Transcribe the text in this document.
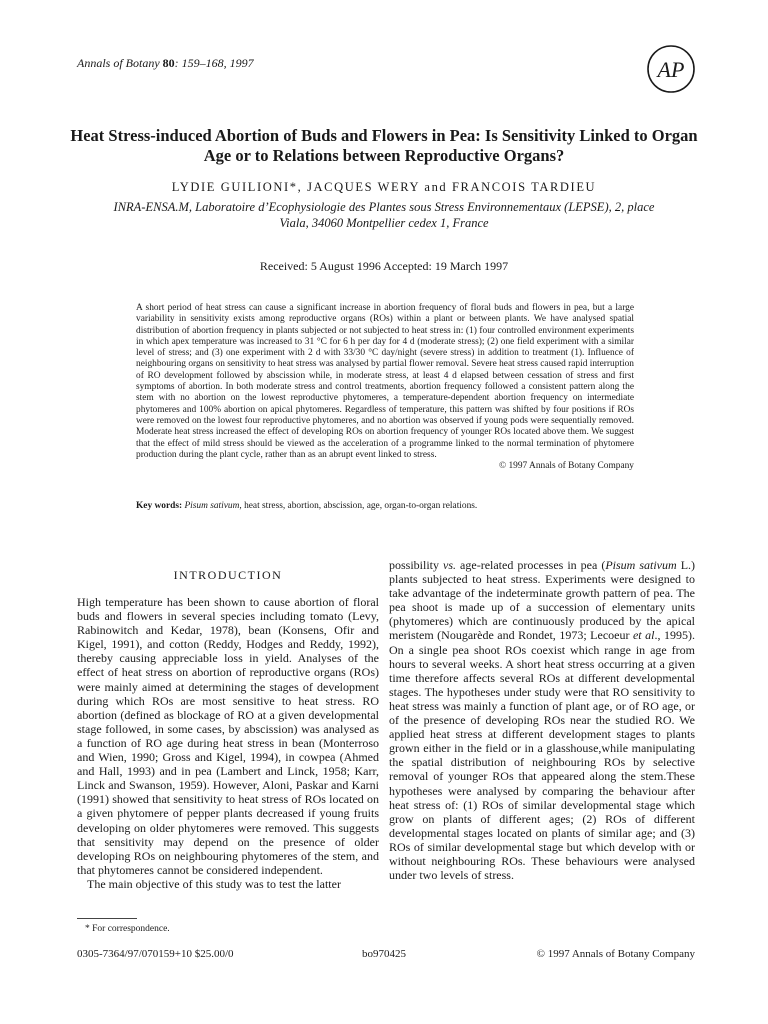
Annals of Botany 80: 159–168, 1997	AP
Heat Stress-induced Abortion of Buds and Flowers in Pea: Is Sensitivity Linked to Organ Age or to Relations between Reproductive Organs?
LYDIE GUILIONI*, JACQUES WERY and FRANCOIS TARDIEU
INRA-ENSA.M, Laboratoire d’Ecophysiologie des Plantes sous Stress Environnementaux (LEPSE), 2, place Viala, 34060 Montpellier cedex 1, France
Received: 5 August 1996 Accepted: 19 March 1997
A short period of heat stress can cause a significant increase in abortion frequency of floral buds and flowers in pea, but a large variability in sensitivity exists among reproductive organs (ROs) within a plant or between plants. We have analysed spatial distribution of abortion frequency in plants subjected or not subjected to heat stress in: (1) four controlled environment experiments in which apex temperature was increased to 31 °C for 6 h per day for 4 d (moderate stress); (2) one field experiment with a similar level of stress; and (3) one experiment with 2 d with 33/30 °C day/night (severe stress) in addition to treatment (1). Influence of neighbouring organs on sensitivity to heat stress was analysed by partial flower removal. Severe heat stress caused rapid interruption of RO development followed by abscission while, in moderate stress, at least 4 d elapsed between cessation of stress and first symptoms of abortion. In both moderate stress and control treatments, abortion frequency followed a consistent pattern along the stem with no abortion on the lowest reproductive phytomeres, a temperature-dependent abortion frequency on intermediate phytomeres and 100% abortion on apical phytomeres. Regardless of temperature, this pattern was shifted by four positions if ROs were removed on the lowest four reproductive phytomeres, and no abortion was observed if young pods were sequentially removed. Moderate heat stress increased the effect of developing ROs on abortion frequency of younger ROs located above them. We suggest that the effect of mild stress should be viewed as the acceleration of a programme linked to the normal termination of phytomere production during the plant cycle, rather than as an abrupt event linked to stress.
© 1997 Annals of Botany Company
Key words: Pisum sativum, heat stress, abortion, abscission, age, organ-to-organ relations.
INTRODUCTION

High temperature has been shown to cause abortion of floral buds and flowers in several species including tomato (Levy, Rabinowitch and Kedar, 1978), bean (Konsens, Ofir and Kigel, 1991), and cotton (Reddy, Hodges and Reddy, 1992), thereby causing appreciable loss in yield. Analyses of the effect of heat stress on abortion of reproductive organs (ROs) were mainly aimed at determining the stages of development during which ROs are most sensitive to heat stress. RO abortion (defined as blockage of RO at a given developmental stage followed, in some cases, by abscission) was analysed as a function of RO age during heat stress in bean (Monterroso and Wien, 1990; Gross and Kigel, 1994), in cowpea (Ahmed and Hall, 1993) and in pea (Lambert and Linck, 1958; Karr, Linck and Swanson, 1959). However, Aloni, Paskar and Karni (1991) showed that sensitivity to heat stress of ROs located on a given phytomere of pepper plants decreased if young fruits developing on older phytomeres were removed. This suggests that sensitivity may depend on the presence of older developing ROs on neighbouring phytomeres of the stem, and that phytomeres cannot be considered independent.

The main objective of this study was to test the latter

possibility vs. age-related processes in pea (Pisum sativum L.) plants subjected to heat stress. Experiments were designed to take advantage of the indeterminate growth pattern of pea. The pea shoot is made up of a succession of elementary units (phytomeres) which are continuously produced by the apical meristem (Nougarède and Rondet, 1973; Lecoeur et al., 1995). On a single pea shoot ROs coexist which range in age from hours to several weeks. A short heat stress occurring at a given time therefore affects several ROs at different developmental stages. The hypotheses under study were that RO sensitivity to heat stress was mainly a function of plant age, or of RO age, or of the presence of developing ROs near the studied RO. We applied heat stress at different development stages to plants grown either in the field or in a glasshouse,while manipulating the spatial distribution of neighbouring ROs by selective removal of younger ROs that appeared along the stem.These hypotheses were analysed by comparing the behaviour after heat stress of: (1) ROs of similar developmental stage which grow on plants of different ages; (2) ROs of different developmental stages located on plants of similar age; and (3) ROs of similar developmental stage but which develop with or without neighbouring ROs. These behaviours were analysed under two levels of stress.

* For correspondence.
0305-7364/97/070159+10 $25.00/0	bo970425	© 1997 Annals of Botany Company
